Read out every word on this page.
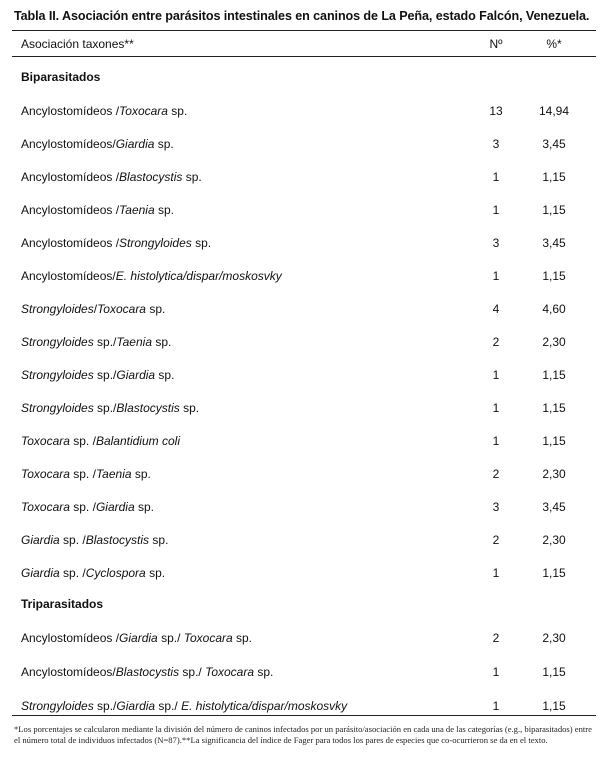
Tabla II. Asociación entre parásitos intestinales en caninos de La Peña, estado Falcón, Venezuela.
Asociación taxones**	Nº	%*
Biparasitados
Ancylostomídeos /Toxocara sp.	13	14,94
Ancylostomídeos/Giardia sp.	3	3,45
Ancylostomídeos /Blastocystis sp.	1	1,15
Ancylostomídeos /Taenia sp.	1	1,15
Ancylostomídeos /Strongyloides sp.	3	3,45
Ancylostomídeos/E. histolytica/dispar/moskosvky	1	1,15
Strongyloides/Toxocara sp.	4	4,60
Strongyloides sp./Taenia sp.	2	2,30
Strongyloides sp./Giardia sp.	1	1,15
Strongyloides sp./Blastocystis sp.	1	1,15
Toxocara sp. /Balantidium coli	1	1,15
Toxocara sp. /Taenia sp.	2	2,30
Toxocara sp. /Giardia sp.	3	3,45
Giardia sp. /Blastocystis sp.	2	2,30
Giardia sp. /Cyclospora sp.	1	1,15
Triparasitados
Ancylostomídeos /Giardia sp./ Toxocara sp.	2	2,30
Ancylostomídeos/Blastocystis sp./ Toxocara sp.	1	1,15
Strongyloides sp./Giardia sp./ E. histolytica/dispar/moskosvky	1	1,15
*Los porcentajes se calcularon mediante la división del número de caninos infectados por un parásito/asociación en cada una de las categorías (e.g., biparasitados) entre el número total de individuos infectados (N=87).**La significancia del índice de Fager para todos los pares de especies que co-ocurrieron se da en el texto.
